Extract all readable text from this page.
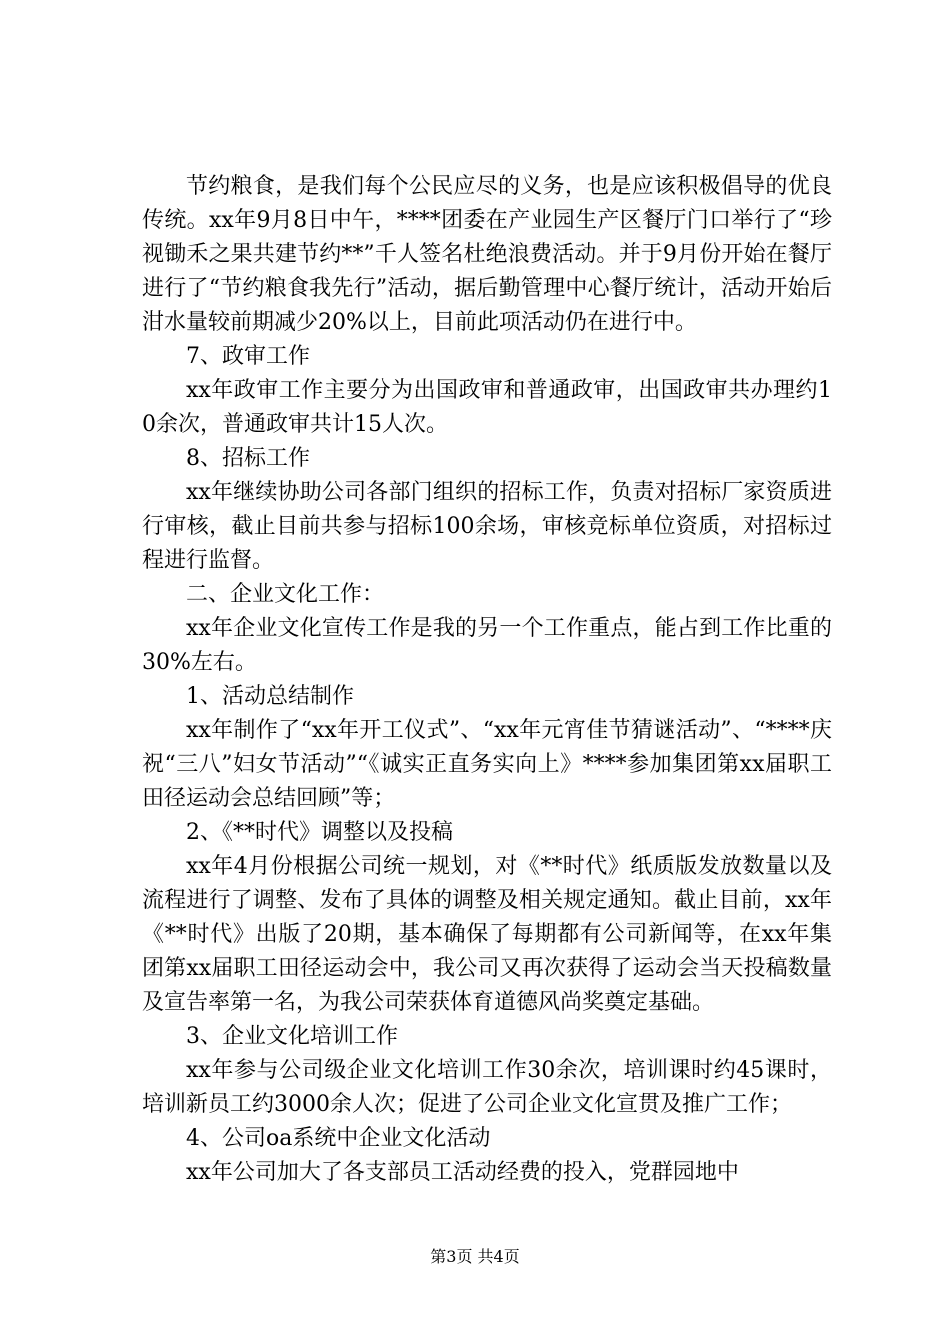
节约粮食，是我们每个公民应尽的义务，也是应该积极倡导的优良传统。xx年9月8日中午，****团委在产业园生产区餐厅门口举行了“珍视锄禾之果共建节约**”千人签名杜绝浪费活动。并于9月份开始在餐厅进行了“节约粮食我先行”活动，据后勤管理中心餐厅统计，活动开始后泔水量较前期减少20%以上，目前此项活动仍在进行中。

7、政审工作

xx年政审工作主要分为出国政审和普通政审，出国政审共办理约10余次，普通政审共计15人次。

8、招标工作

xx年继续协助公司各部门组织的招标工作，负责对招标厂家资质进行审核，截止目前共参与招标100余场，审核竞标单位资质，对招标过程进行监督。

二、企业文化工作：

xx年企业文化宣传工作是我的另一个工作重点，能占到工作比重的30%左右。

1、活动总结制作

xx年制作了“xx年开工仪式”、“xx年元宵佳节猜谜活动”、“****庆祝“三八”妇女节活动”“《诚实正直务实向上》****参加集团第xx届职工田径运动会总结回顾”等；

2、《**时代》调整以及投稿

xx年4月份根据公司统一规划，对《**时代》纸质版发放数量以及流程进行了调整、发布了具体的调整及相关规定通知。截止目前，xx年《**时代》出版了20期，基本确保了每期都有公司新闻等，在xx年集团第xx届职工田径运动会中，我公司又再次获得了运动会当天投稿数量及宣告率第一名，为我公司荣获体育道德风尚奖奠定基础。

3、企业文化培训工作

xx年参与公司级企业文化培训工作30余次，培训课时约45课时，培训新员工约3000余人次；促进了公司企业文化宣贯及推广工作；

4、公司oa系统中企业文化活动

xx年公司加大了各支部员工活动经费的投入，党群园地中

第3页 共4页
